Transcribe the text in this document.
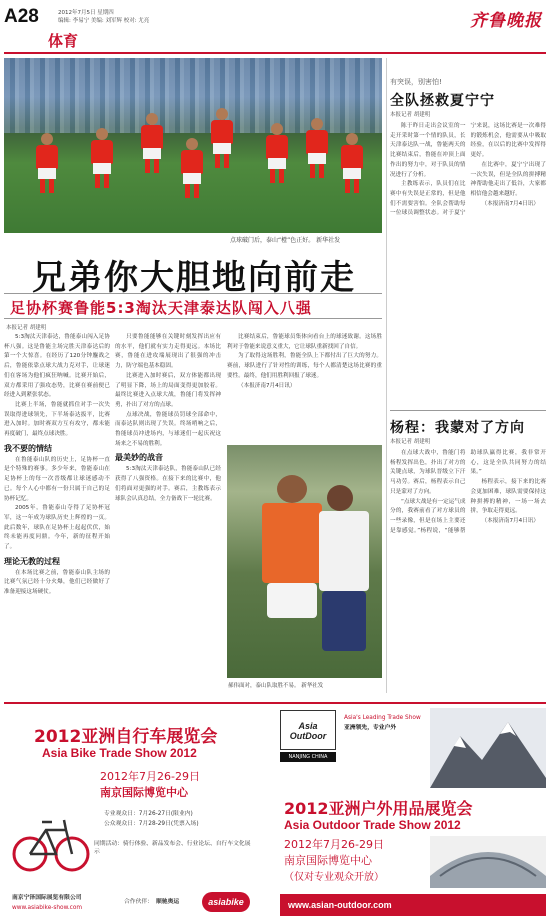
A28	2012年7月5日 星期四
编辑: 李易宁 美编: 刘军辉 校对: 尤亮
体育
齐鲁晚报
点球破门后，泰山“橙”色正好。 新华社发
兄弟你大胆地向前走
足协杯赛鲁能5:3淘汰天津泰达队闯入八强
本报记者 胡建明

5:3淘汰天津泰达，鲁能泰山闯入足协杯八强。这是鲁能主场完胜天津泰达后的第一个大惊喜。在经历了120分钟鏖战之后，鲁能依靠点球大战力克对手，让球迷们在客场为他们疯狂呐喊。比赛开始后，双方都采用了强攻态势，比赛在赛前便已经进入到紧张状态。

比赛上半场，鲁能就抓住对手一次失误取得进球领先，下半场泰达扳平，比赛进入加时。加时赛双方互有攻守，都未能再度破门，最终点球决胜。

我不要的情结

在鲁能泰山队的历史上，足协杯一直是个特殊的赛事。多少年来，鲁能泰山在足协杯上的每一次晋级都让球迷感动不已。每个人心中都有一份只属于自己的足协杯记忆。

2005年，鲁能泰山夺得了足协杯冠军，这一年成为球队历史上辉煌的一页。此后数年，球队在足协杯上起起伏伏，始终未能再度问鼎。今年，新的征程开始了。

理论无教的过程

在本场比赛之前，鲁能泰山队主场的比赛气氛已经十分火爆，他们已经做好了准备迎接这场硬仗。

只要鲁能能够在关键时刻发挥出应有的水平，他们就有实力走得更远。本场比赛，鲁能在进攻端展现出了很强的冲击力，防守端也基本稳固。

比赛进入加时赛后，双方体能都出现了明显下降，场上的局面变得更加胶着。最终比赛进入点球大战，鲁能门将发挥神勇，扑出了对方的点球。

点球决战，鲁能球员罚球全部命中，而泰达队则出现了失误。终场哨响之后，鲁能球员冲进场内，与球迷们一起庆祝这场来之不易的胜利。

最美妙的战音

5:3淘汰天津泰达队，鲁能泰山队已经获得了八强资格。在接下来的比赛中，他们将面对更强的对手。赛后，主教练表示球队会认真总结，全力备战下一轮比赛。

比赛结束后，鲁能球员集体向看台上的球迷致谢。这场胜利对于鲁能来说意义重大，它让球队重新找回了自信。

为了取得这场胜利，鲁能全队上下都付出了巨大的努力。赛前，球队进行了针对性的训练，每个人都清楚这场比赛的重要性。最终，他们用胜利回报了球迷。

（本报济南7月4日讯）

郝伟面对，泰山队取胜不易。 新华社发
有突误，别害怕!
全队拯救夏宁宁
本报记者 胡建明

陈于昨日走出会议室的一走开采时第一个情的队员，长天津泰达队一战，鲁能两天的比赛结束后，鲁能在冲顶上面作出的努力中，对于队员的情况进行了分析。

主教练表示，队员们在比赛中有失误是正常的，但是他们不需要害怕。全队会帮助每一位球员调整状态。对于夏宁宁来说，这场比赛是一次难得的锻炼机会，他需要从中吸取经验，在以后的比赛中发挥得更好。

在比赛中，夏宁宁出现了一次失误，但是全队的拼搏精神帮助他走出了低谷，大家都相信他会越来越好。

（本报济南7月4日讯）

杨程：我蒙对了方向
本报记者 胡建明

在点球大战中，鲁能门将杨程发挥出色，扑出了对方的关键点球，为球队晋级立下汗马功劳。赛后，杨程表示自己只是蒙对了方向。

“点球大战是有一定运气成分的，我赛前看了对方球员的一些录像，但是在场上主要还是靠感觉。”杨程说，“能够帮助球队赢得比赛，我非常开心，这是全队共同努力的结果。”

杨程表示，接下来的比赛会更加困难，球队需要保持这种拼搏的精神，一场一场去拼，争取走得更远。

（本报济南7月4日讯）

2012亚洲自行车展览会
Asia Bike Trade Show 2012
2012年7月26-29日
南京国际博览中心
专业观众日：7月26-27日(限业内)
公众观众日：7月28-29日(凭票入场)
同期活动：骑行体验、新品发布会、行业论坛、自行车文化展示
南京宁泽国际展览有限公司
www.asiabike-show.com
合作伙伴： 顺驰奥运	asiabike
Asia OutDoor
NANJING CHINA
Asia's Leading Trade Show
亚洲领先，专业户外
2012亚洲户外用品展览会
Asia Outdoor Trade Show 2012
2012年7月26-29日
南京国际博览中心
（仅对专业观众开放）
www.asian-outdoor.com
